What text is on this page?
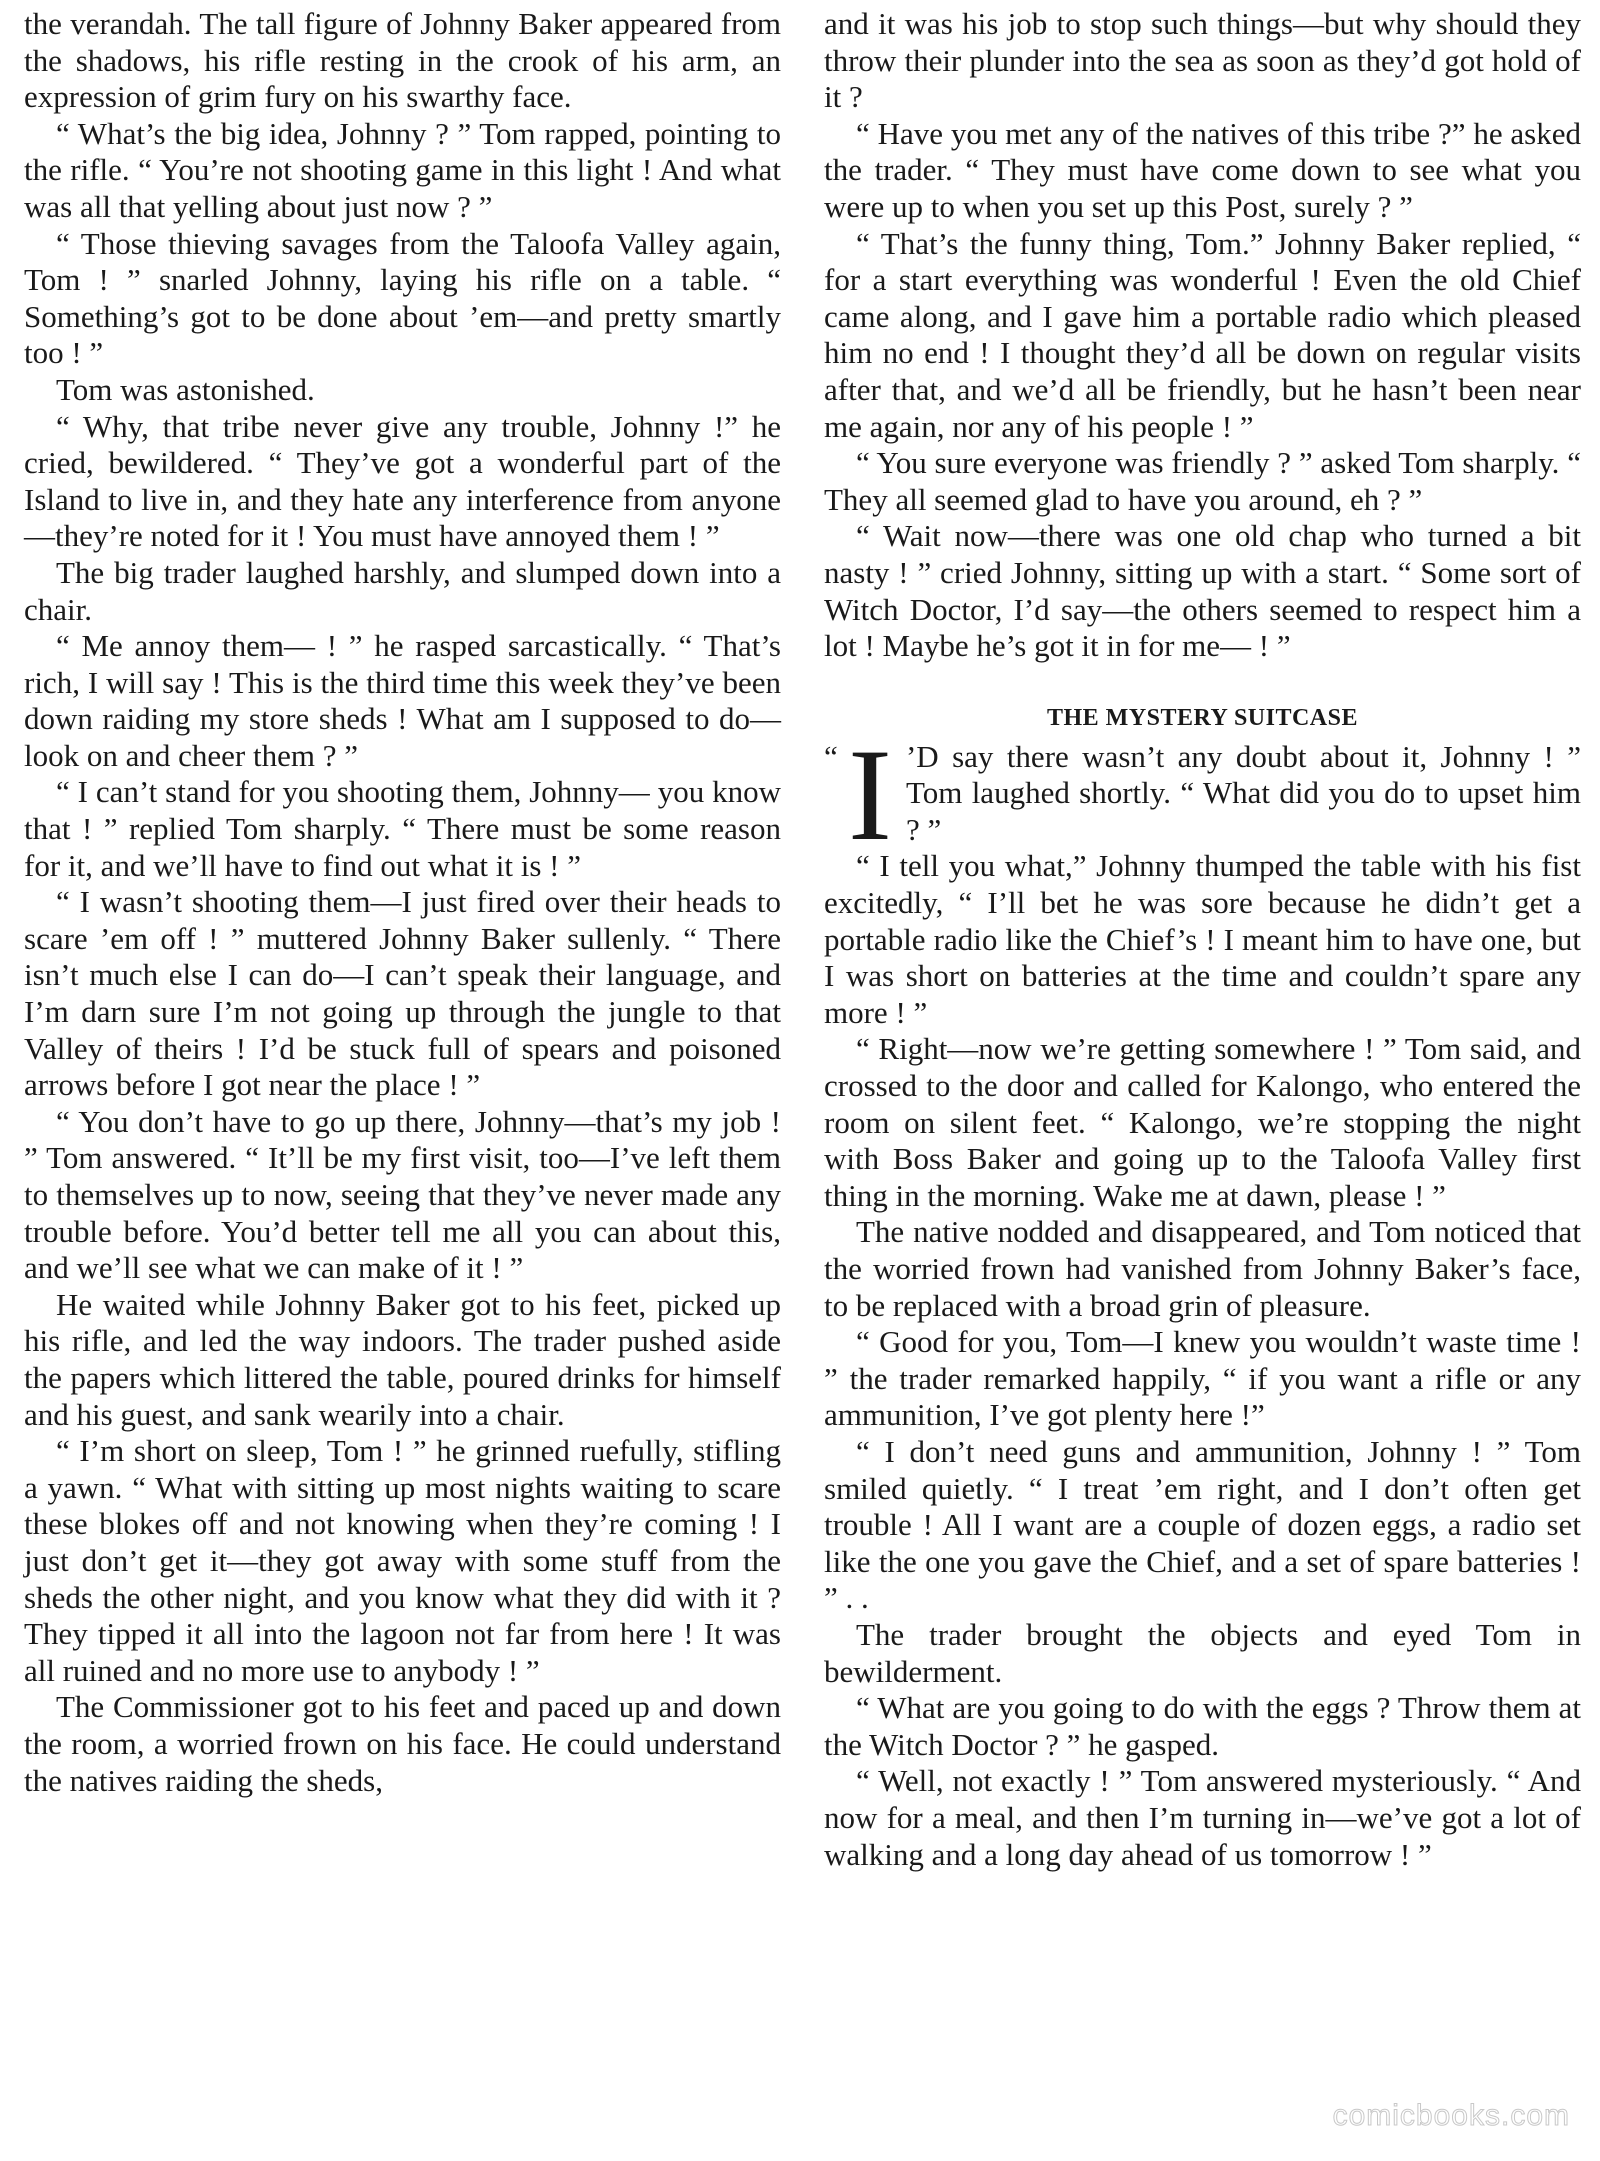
the verandah. The tall figure of Johnny Baker appeared from the shadows, his rifle resting in the crook of his arm, an expression of grim fury on his swarthy face.

“ What’s the big idea, Johnny ? ” Tom rapped, pointing to the rifle. “ You’re not shooting game in this light ! And what was all that yelling about just now ? ”

“ Those thieving savages from the Taloofa Valley again, Tom ! ” snarled Johnny, laying his rifle on a table. “ Something’s got to be done about ’em—and pretty smartly too ! ”

Tom was astonished.

“ Why, that tribe never give any trouble, Johnny !” he cried, bewildered. “ They’ve got a wonderful part of the Island to live in, and they hate any interference from anyone—they’re noted for it ! You must have annoyed them ! ”

The big trader laughed harshly, and slumped down into a chair.

“ Me annoy them— ! ” he rasped sarcastically. “ That’s rich, I will say ! This is the third time this week they’ve been down raiding my store sheds ! What am I supposed to do—look on and cheer them ? ”

“ I can’t stand for you shooting them, Johnny— you know that ! ” replied Tom sharply. “ There must be some reason for it, and we’ll have to find out what it is ! ”

“ I wasn’t shooting them—I just fired over their heads to scare ’em off ! ” muttered Johnny Baker sullenly. “ There isn’t much else I can do—I can’t speak their language, and I’m darn sure I’m not going up through the jungle to that Valley of theirs ! I’d be stuck full of spears and poisoned arrows before I got near the place ! ”

“ You don’t have to go up there, Johnny—that’s my job ! ” Tom answered. “ It’ll be my first visit, too—I’ve left them to themselves up to now, seeing that they’ve never made any trouble before. You’d better tell me all you can about this, and we’ll see what we can make of it ! ”

He waited while Johnny Baker got to his feet, picked up his rifle, and led the way indoors. The trader pushed aside the papers which littered the table, poured drinks for himself and his guest, and sank wearily into a chair.

“ I’m short on sleep, Tom ! ” he grinned ruefully, stifling a yawn. “ What with sitting up most nights waiting to scare these blokes off and not knowing when they’re coming ! I just don’t get it—they got away with some stuff from the sheds the other night, and you know what they did with it ? They tipped it all into the lagoon not far from here ! It was all ruined and no more use to anybody ! ”

The Commissioner got to his feet and paced up and down the room, a worried frown on his face. He could understand the natives raiding the sheds,

and it was his job to stop such things—but why should they throw their plunder into the sea as soon as they’d got hold of it ?

“ Have you met any of the natives of this tribe ?” he asked the trader. “ They must have come down to see what you were up to when you set up this Post, surely ? ”

“ That’s the funny thing, Tom.” Johnny Baker replied, “ for a start everything was wonderful ! Even the old Chief came along, and I gave him a portable radio which pleased him no end ! I thought they’d all be down on regular visits after that, and we’d all be friendly, but he hasn’t been near me again, nor any of his people ! ”

“ You sure everyone was friendly ? ” asked Tom sharply. “ They all seemed glad to have you around, eh ? ”

“ Wait now—there was one old chap who turned a bit nasty ! ” cried Johnny, sitting up with a start. “ Some sort of Witch Doctor, I’d say—the others seemed to respect him a lot ! Maybe he’s got it in for me— ! ”

THE MYSTERY SUITCASE

“ I ’D say there wasn’t any doubt about it, Johnny ! ” Tom laughed shortly. “ What did you do to upset him ? ”

“ I tell you what,” Johnny thumped the table with his fist excitedly, “ I’ll bet he was sore because he didn’t get a portable radio like the Chief’s ! I meant him to have one, but I was short on batteries at the time and couldn’t spare any more ! ”

“ Right—now we’re getting somewhere ! ” Tom said, and crossed to the door and called for Kalongo, who entered the room on silent feet. “ Kalongo, we’re stopping the night with Boss Baker and going up to the Taloofa Valley first thing in the morning. Wake me at dawn, please ! ”

The native nodded and disappeared, and Tom noticed that the worried frown had vanished from Johnny Baker’s face, to be replaced with a broad grin of pleasure.

“ Good for you, Tom—I knew you wouldn’t waste time ! ” the trader remarked happily, “ if you want a rifle or any ammunition, I’ve got plenty here !”

“ I don’t need guns and ammunition, Johnny ! ” Tom smiled quietly. “ I treat ’em right, and I don’t often get trouble ! All I want are a couple of dozen eggs, a radio set like the one you gave the Chief, and a set of spare batteries ! ” . .

The trader brought the objects and eyed Tom in bewilderment.

“ What are you going to do with the eggs ? Throw them at the Witch Doctor ? ” he gasped.

“ Well, not exactly ! ” Tom answered mysteriously. “ And now for a meal, and then I’m turning in—we’ve got a lot of walking and a long day ahead of us tomorrow ! ”

comicbooks.com
